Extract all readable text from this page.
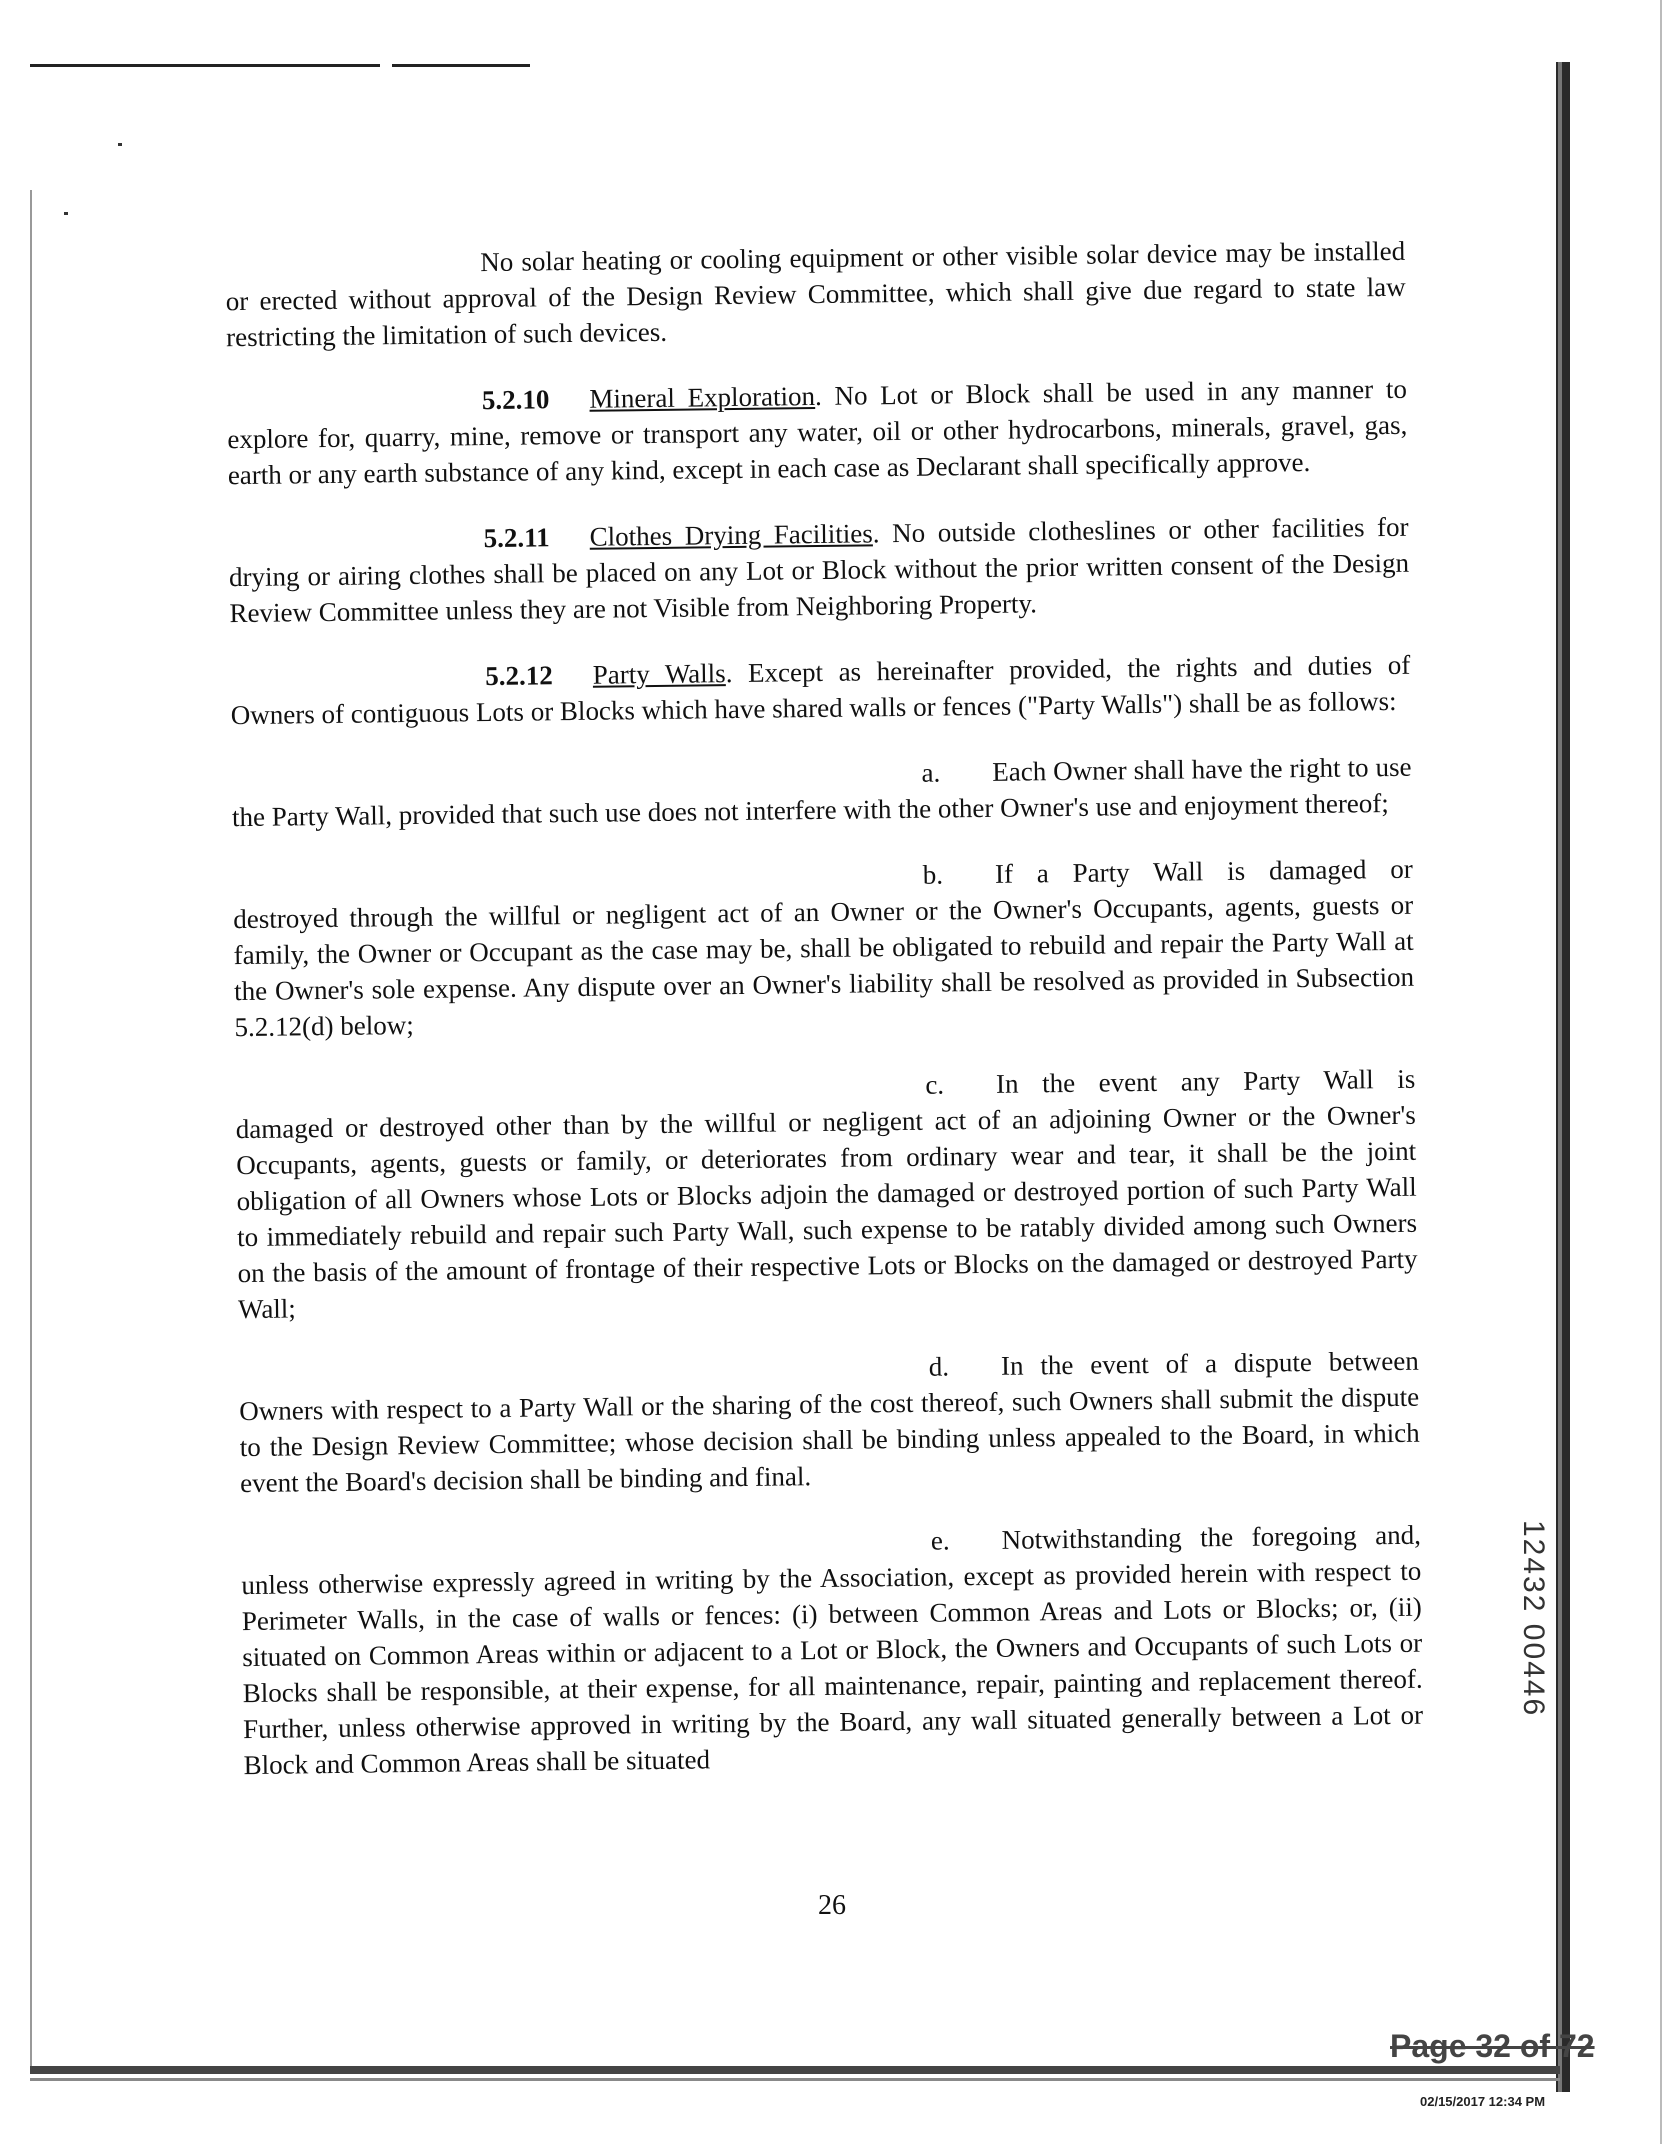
No solar heating or cooling equipment or other visible solar device may be installed or erected without approval of the Design Review Committee, which shall give due regard to state law restricting the limitation of such devices.

5.2.10 Mineral Exploration. No Lot or Block shall be used in any manner to explore for, quarry, mine, remove or transport any water, oil or other hydrocarbons, minerals, gravel, gas, earth or any earth substance of any kind, except in each case as Declarant shall specifically approve.

5.2.11 Clothes Drying Facilities. No outside clotheslines or other facilities for drying or airing clothes shall be placed on any Lot or Block without the prior written consent of the Design Review Committee unless they are not Visible from Neighboring Property.

5.2.12 Party Walls. Except as hereinafter provided, the rights and duties of Owners of contiguous Lots or Blocks which have shared walls or fences ("Party Walls") shall be as follows:

a. Each Owner shall have the right to use the Party Wall, provided that such use does not interfere with the other Owner's use and enjoyment thereof;

b. If a Party Wall is damaged or destroyed through the willful or negligent act of an Owner or the Owner's Occupants, agents, guests or family, the Owner or Occupant as the case may be, shall be obligated to rebuild and repair the Party Wall at the Owner's sole expense. Any dispute over an Owner's liability shall be resolved as provided in Subsection 5.2.12(d) below;

c. In the event any Party Wall is damaged or destroyed other than by the willful or negligent act of an adjoining Owner or the Owner's Occupants, agents, guests or family, or deteriorates from ordinary wear and tear, it shall be the joint obligation of all Owners whose Lots or Blocks adjoin the damaged or destroyed portion of such Party Wall to immediately rebuild and repair such Party Wall, such expense to be ratably divided among such Owners on the basis of the amount of frontage of their respective Lots or Blocks on the damaged or destroyed Party Wall;

d. In the event of a dispute between Owners with respect to a Party Wall or the sharing of the cost thereof, such Owners shall submit the dispute to the Design Review Committee; whose decision shall be binding unless appealed to the Board, in which event the Board's decision shall be binding and final.

e. Notwithstanding the foregoing and, unless otherwise expressly agreed in writing by the Association, except as provided herein with respect to Perimeter Walls, in the case of walls or fences: (i) between Common Areas and Lots or Blocks; or, (ii) situated on Common Areas within or adjacent to a Lot or Block, the Owners and Occupants of such Lots or Blocks shall be responsible, at their expense, for all maintenance, repair, painting and replacement thereof. Further, unless otherwise approved in writing by the Board, any wall situated generally between a Lot or Block and Common Areas shall be situated

26
12432 00446
Page 32 of 72
02/15/2017 12:34 PM
